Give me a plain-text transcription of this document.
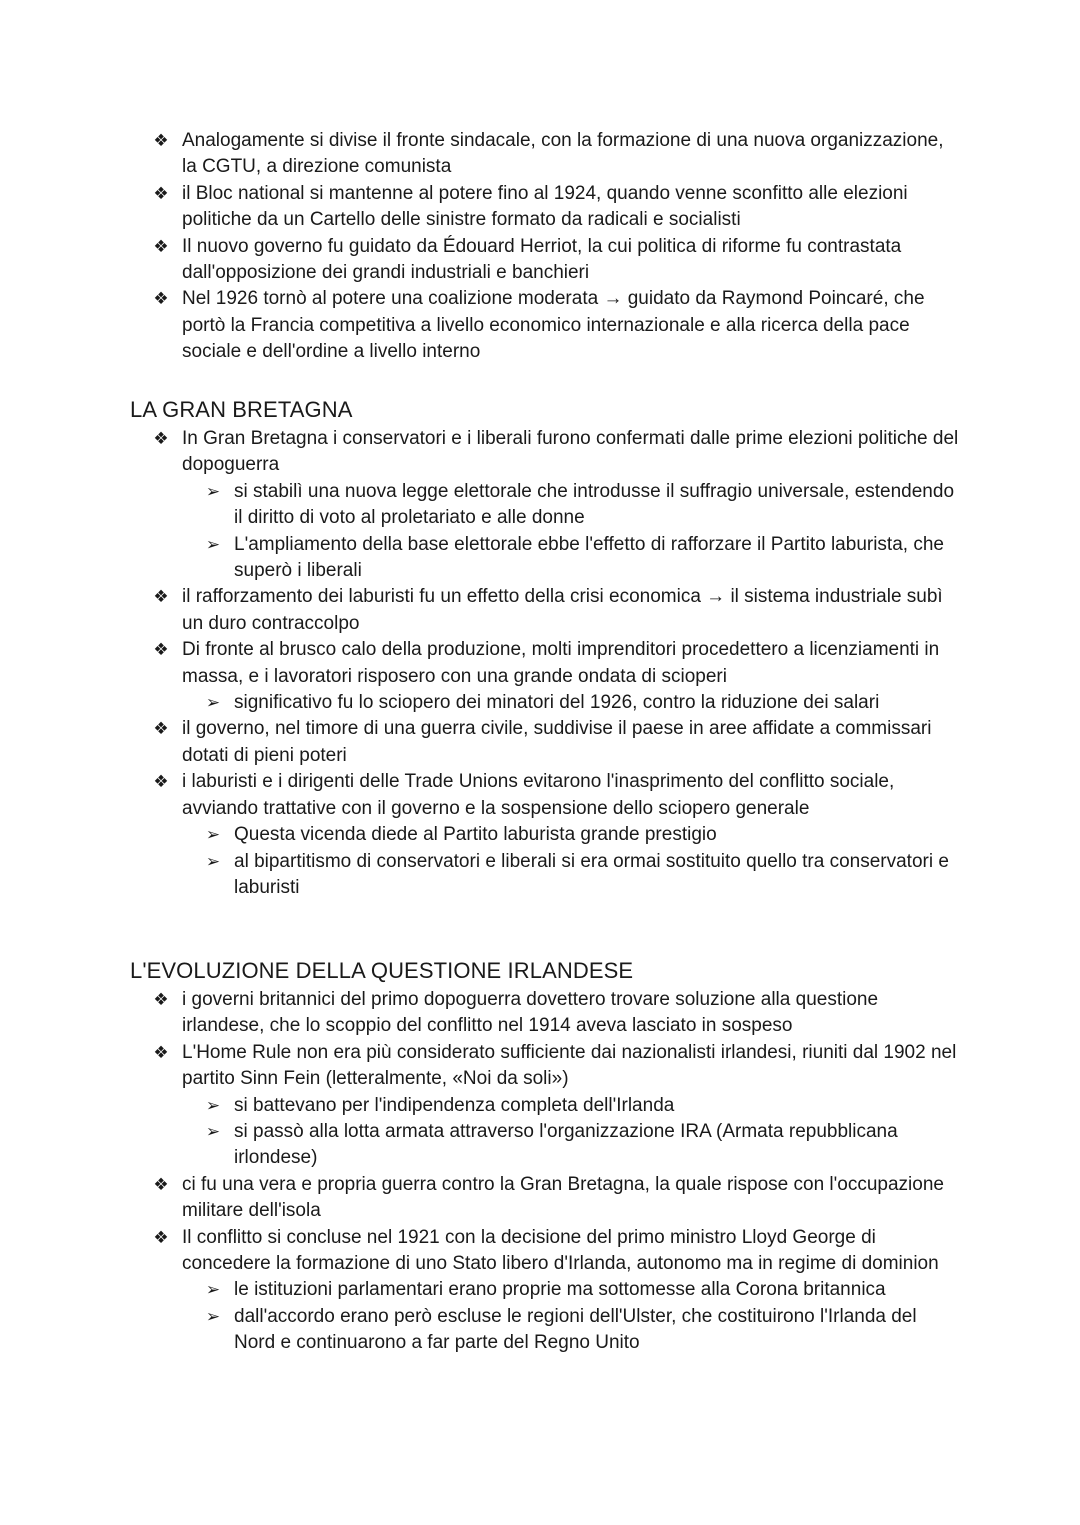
❖ Analogamente si divise il fronte sindacale, con la formazione di una nuova organizzazione, la CGTU, a direzione comunista
❖ il Bloc national si mantenne al potere fino al 1924, quando venne sconfitto alle elezioni politiche da un Cartello delle sinistre formato da radicali e socialisti
❖ Il nuovo governo fu guidato da Édouard Herriot, la cui politica di riforme fu contrastata dall'opposizione dei grandi industriali e banchieri
❖ Nel 1926 tornò al potere una coalizione moderata → guidato da Raymond Poincaré, che portò la Francia competitiva a livello economico internazionale e alla ricerca della pace sociale e dell'ordine a livello interno
LA GRAN BRETAGNA
❖ In Gran Bretagna i conservatori e i liberali furono confermati dalle prime elezioni politiche del dopoguerra
➢ si stabilì una nuova legge elettorale che introdusse il suffragio universale, estendendo il diritto di voto al proletariato e alle donne
➢ L'ampliamento della base elettorale ebbe l'effetto di rafforzare il Partito laburista, che superò i liberali
❖ il rafforzamento dei laburisti fu un effetto della crisi economica → il sistema industriale subì un duro contraccolpo
❖ Di fronte al brusco calo della produzione, molti imprenditori procedettero a licenziamenti in massa, e i lavoratori risposero con una grande ondata di scioperi
➢ significativo fu lo sciopero dei minatori del 1926, contro la riduzione dei salari
❖ il governo, nel timore di una guerra civile, suddivise il paese in aree affidate a commissari dotati di pieni poteri
❖ i laburisti e i dirigenti delle Trade Unions evitarono l'inasprimento del conflitto sociale, avviando trattative con il governo e la sospensione dello sciopero generale
➢ Questa vicenda diede al Partito laburista grande prestigio
➢ al bipartitismo di conservatori e liberali si era ormai sostituito quello tra conservatori e laburisti
L'EVOLUZIONE DELLA QUESTIONE IRLANDESE
❖ i governi britannici del primo dopoguerra dovettero trovare soluzione alla questione irlandese, che lo scoppio del conflitto nel 1914 aveva lasciato in sospeso
❖ L'Home Rule non era più considerato sufficiente dai nazionalisti irlandesi, riuniti dal 1902 nel partito Sinn Fein (letteralmente, «Noi da soli»)
➢ si battevano per l'indipendenza completa dell'Irlanda
➢ si passò alla lotta armata attraverso l'organizzazione IRA (Armata repubblicana irlondese)
❖ ci fu una vera e propria guerra contro la Gran Bretagna, la quale rispose con l'occupazione militare dell'isola
❖ Il conflitto si concluse nel 1921 con la decisione del primo ministro Lloyd George di concedere la formazione di uno Stato libero d'Irlanda, autonomo ma in regime di dominion
➢ le istituzioni parlamentari erano proprie ma sottomesse alla Corona britannica
➢ dall'accordo erano però escluse le regioni dell'Ulster, che costituirono l'Irlanda del Nord e continuarono a far parte del Regno Unito
